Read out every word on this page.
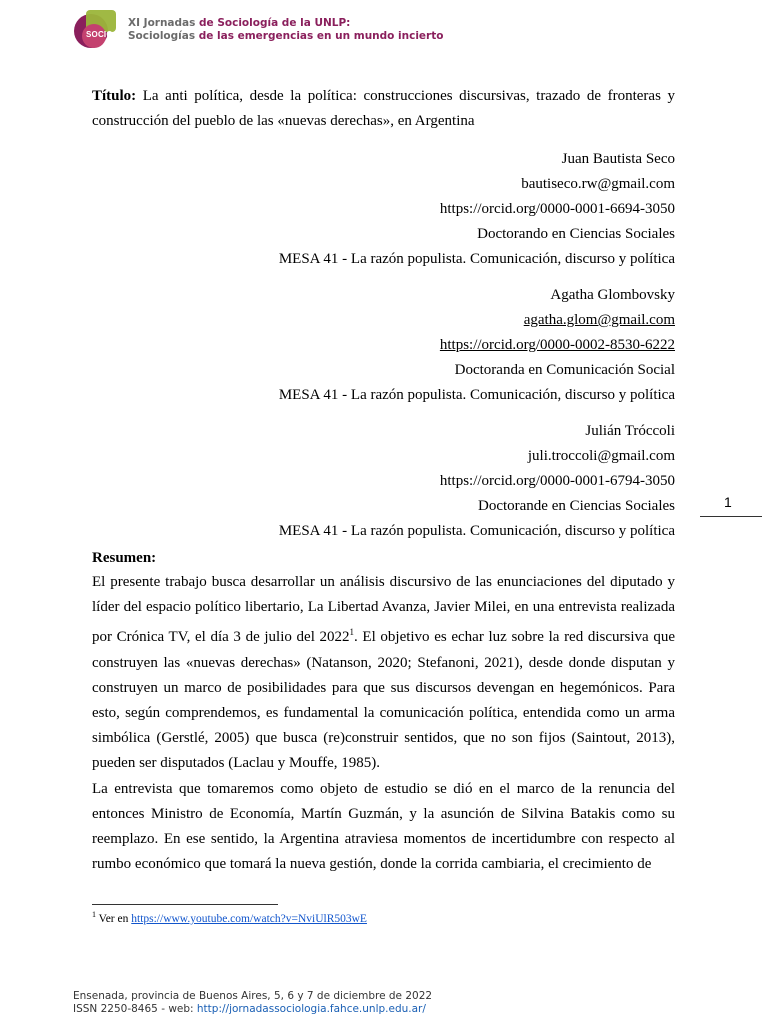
SOCIO
XI Jornadas de Sociología de la UNLP:
Sociologías de las emergencias en un mundo incierto
Título: La anti política, desde la política: construcciones discursivas, trazado de fronteras y construcción del pueblo de las «nuevas derechas», en Argentina
Juan Bautista Seco
bautiseco.rw@gmail.com
https://orcid.org/0000-0001-6694-3050
Doctorando en Ciencias Sociales
MESA 41 - La razón populista. Comunicación, discurso y política
Agatha Glombovsky
agatha.glom@gmail.com
https://orcid.org/0000-0002-8530-6222
Doctoranda en Comunicación Social
MESA 41 - La razón populista. Comunicación, discurso y política
Julián Tróccoli
juli.troccoli@gmail.com
https://orcid.org/0000-0001-6794-3050
Doctorande en Ciencias Sociales
MESA 41 - La razón populista. Comunicación, discurso y política
Resumen:
El presente trabajo busca desarrollar un análisis discursivo de las enunciaciones del diputado y líder del espacio político libertario, La Libertad Avanza, Javier Milei, en una entrevista realizada por Crónica TV, el día 3 de julio del 2022$^1$. El objetivo es echar luz sobre la red discursiva que construyen las «nuevas derechas» (Natanson, 2020; Stefanoni, 2021), desde donde disputan y construyen un marco de posibilidades para que sus discursos devengan en hegemónicos. Para esto, según comprendemos, es fundamental la comunicación política, entendida como un arma simbólica (Gerstlé, 2005) que busca (re)construir sentidos, que no son fijos (Saintout, 2013), pueden ser disputados (Laclau y Mouffe, 1985).
La entrevista que tomaremos como objeto de estudio se dió en el marco de la renuncia del entonces Ministro de Economía, Martín Guzmán, y la asunción de Silvina Batakis como su reemplazo. En ese sentido, la Argentina atraviesa momentos de incertidumbre con respecto al rumbo económico que tomará la nueva gestión, donde la corrida cambiaria, el crecimiento de
1
$^1$ Ver en https://www.youtube.com/watch?v=NviUlR503wE
Ensenada, provincia de Buenos Aires, 5, 6 y 7 de diciembre de 2022
ISSN 2250-8465 - web: http://jornadassociologia.fahce.unlp.edu.ar/
